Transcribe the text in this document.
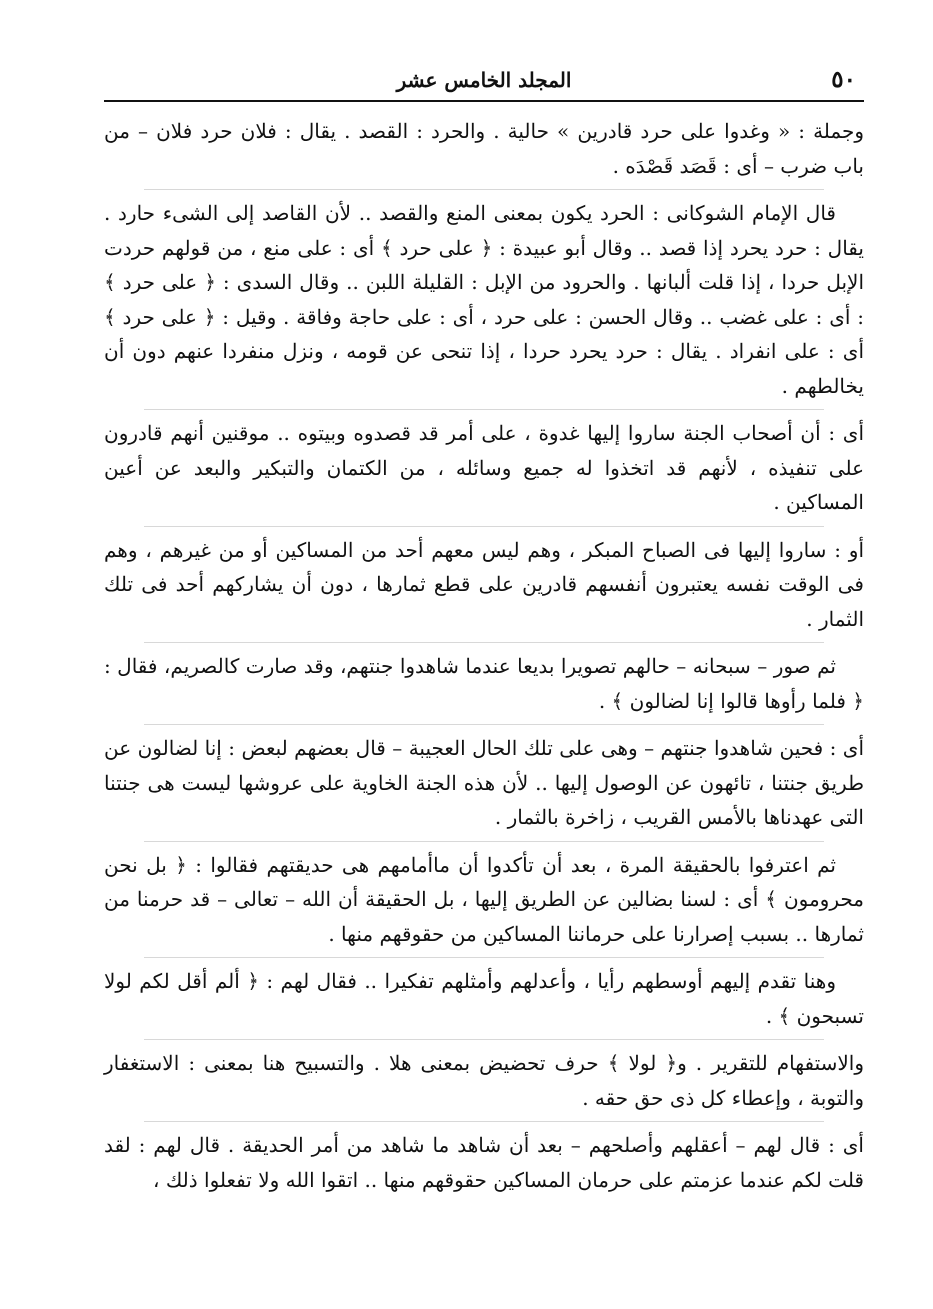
٥٠
المجلد الخامس عشر

وجملة : « وغدوا على حرد قادرين » حالية . والحرد : القصد . يقال : فلان حرد فلان – من باب ضرب – أى : قَصَد قَصْدَه .

قال الإمام الشوكانى : الحرد يكون بمعنى المنع والقصد .. لأن القاصد إلى الشىء حارد . يقال : حرد يحرد إذا قصد .. وقال أبو عبيدة : ﴿ على حرد ﴾ أى : على منع ، من قولهم حردت الإبل حردا ، إذا قلت ألبانها . والحرود من الإبل : القليلة اللبن .. وقال السدى : ﴿ على حرد ﴾ : أى : على غضب .. وقال الحسن : على حرد ، أى : على حاجة وفاقة . وقيل : ﴿ على حرد ﴾ أى : على انفراد . يقال : حرد يحرد حردا ، إذا تنحى عن قومه ، ونزل منفردا عنهم دون أن يخالطهم .

أى : أن أصحاب الجنة ساروا إليها غدوة ، على أمر قد قصدوه وبيتوه .. موقنين أنهم قادرون على تنفيذه ، لأنهم قد اتخذوا له جميع وسائله ، من الكتمان والتبكير والبعد عن أعين المساكين .

أو : ساروا إليها فى الصباح المبكر ، وهم ليس معهم أحد من المساكين أو من غيرهم ، وهم فى الوقت نفسه يعتبرون أنفسهم قادرين على قطع ثمارها ، دون أن يشاركهم أحد فى تلك الثمار .

ثم صور – سبحانه – حالهم تصويرا بديعا عندما شاهدوا جنتهم، وقد صارت كالصريم، فقال : ﴿ فلما رأوها قالوا إنا لضالون ﴾ .

أى : فحين شاهدوا جنتهم – وهى على تلك الحال العجيبة – قال بعضهم لبعض : إنا لضالون عن طريق جنتنا ، تائهون عن الوصول إليها .. لأن هذه الجنة الخاوية على عروشها ليست هى جنتنا التى عهدناها بالأمس القريب ، زاخرة بالثمار .

ثم اعترفوا بالحقيقة المرة ، بعد أن تأكدوا أن ماأمامهم هى حديقتهم فقالوا : ﴿ بل نحن محرومون ﴾ أى : لسنا بضالين عن الطريق إليها ، بل الحقيقة أن الله – تعالى – قد حرمنا من ثمارها .. بسبب إصرارنا على حرماننا المساكين من حقوقهم منها .

وهنا تقدم إليهم أوسطهم رأيا ، وأعدلهم وأمثلهم تفكيرا .. فقال لهم : ﴿ ألم أقل لكم لولا تسبحون ﴾ .

والاستفهام للتقرير . و﴿ لولا ﴾ حرف تحضيض بمعنى هلا . والتسبيح هنا بمعنى : الاستغفار والتوبة ، وإعطاء كل ذى حق حقه .

أى : قال لهم – أعقلهم وأصلحهم – بعد أن شاهد ما شاهد من أمر الحديقة . قال لهم : لقد قلت لكم عندما عزمتم على حرمان المساكين حقوقهم منها .. اتقوا الله ولا تفعلوا ذلك ،
